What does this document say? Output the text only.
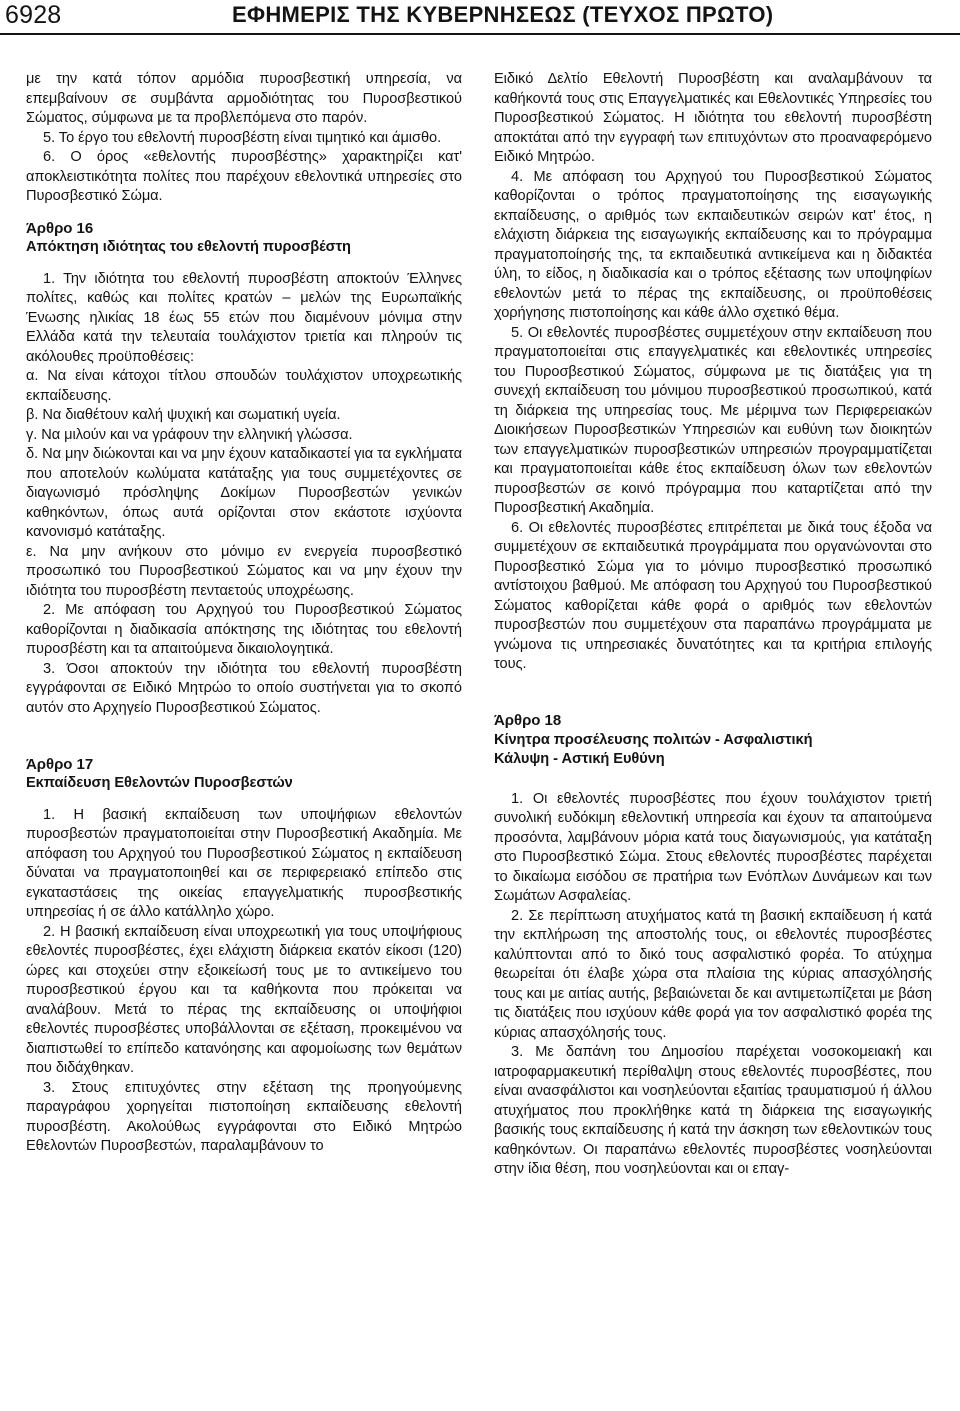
6928	ΕΦΗΜΕΡΙΣ ΤΗΣ ΚΥΒΕΡΝΗΣΕΩΣ (ΤΕΥΧΟΣ ΠΡΩΤΟ)

με την κατά τόπον αρμόδια πυροσβεστική υπηρεσία, να επεμβαίνουν σε συμβάντα αρμοδιότητας του Πυροσβεστικού Σώματος, σύμφωνα με τα προβλεπόμενα στο παρόν.

5. Το έργο του εθελοντή πυροσβέστη είναι τιμητικό και άμισθο.

6. Ο όρος «εθελοντής πυροσβέστης» χαρακτηρίζει κατ' αποκλειστικότητα πολίτες που παρέχουν εθελοντικά υπηρεσίες στο Πυροσβεστικό Σώμα.

Άρθρο 16

Απόκτηση ιδιότητας του εθελοντή πυροσβέστη

1. Την ιδιότητα του εθελοντή πυροσβέστη αποκτούν Έλληνες πολίτες, καθώς και πολίτες κρατών – μελών της Ευρωπαϊκής Ένωσης ηλικίας 18 έως 55 ετών που διαμένουν μόνιμα στην Ελλάδα κατά την τελευταία τουλάχιστον τριετία και πληρούν τις ακόλουθες προϋποθέσεις:

α. Να είναι κάτοχοι τίτλου σπουδών τουλάχιστον υποχρεωτικής εκπαίδευσης.

β. Να διαθέτουν καλή ψυχική και σωματική υγεία.

γ. Να μιλούν και να γράφουν την ελληνική γλώσσα.

δ. Να μην διώκονται και να μην έχουν καταδικαστεί για τα εγκλήματα που αποτελούν κωλύματα κατάταξης για τους συμμετέχοντες σε διαγωνισμό πρόσληψης Δοκίμων Πυροσβεστών γενικών καθηκόντων, όπως αυτά ορίζονται στον εκάστοτε ισχύοντα κανονισμό κατάταξης.

ε. Να μην ανήκουν στο μόνιμο εν ενεργεία πυροσβεστικό προσωπικό του Πυροσβεστικού Σώματος και να μην έχουν την ιδιότητα του πυροσβέστη πενταετούς υποχρέωσης.

2. Με απόφαση του Αρχηγού του Πυροσβεστικού Σώματος καθορίζονται η διαδικασία απόκτησης της ιδιότητας του εθελοντή πυροσβέστη και τα απαιτούμενα δικαιολογητικά.

3. Όσοι αποκτούν την ιδιότητα του εθελοντή πυροσβέστη εγγράφονται σε Ειδικό Μητρώο το οποίο συστήνεται για το σκοπό αυτόν στο Αρχηγείο Πυροσβεστικού Σώματος.

Άρθρο 17

Εκπαίδευση Εθελοντών Πυροσβεστών

1. Η βασική εκπαίδευση των υποψήφιων εθελοντών πυροσβεστών πραγματοποιείται στην Πυροσβεστική Ακαδημία. Με απόφαση του Αρχηγού του Πυροσβεστικού Σώματος η εκπαίδευση δύναται να πραγματοποιηθεί και σε περιφερειακό επίπεδο στις εγκαταστάσεις της οικείας επαγγελματικής πυροσβεστικής υπηρεσίας ή σε άλλο κατάλληλο χώρο.

2. Η βασική εκπαίδευση είναι υποχρεωτική για τους υποψήφιους εθελοντές πυροσβέστες, έχει ελάχιστη διάρκεια εκατόν είκοσι (120) ώρες και στοχεύει στην εξοικείωσή τους με το αντικείμενο του πυροσβεστικού έργου και τα καθήκοντα που πρόκειται να αναλάβουν. Μετά το πέρας της εκπαίδευσης οι υποψήφιοι εθελοντές πυροσβέστες υποβάλλονται σε εξέταση, προκειμένου να διαπιστωθεί το επίπεδο κατανόησης και αφομοίωσης των θεμάτων που διδάχθηκαν.

3. Στους επιτυχόντες στην εξέταση της προηγούμενης παραγράφου χορηγείται πιστοποίηση εκπαίδευσης εθελοντή πυροσβέστη. Ακολούθως εγγράφονται στο Ειδικό Μητρώο Εθελοντών Πυροσβεστών, παραλαμβάνουν το

Ειδικό Δελτίο Εθελοντή Πυροσβέστη και αναλαμβάνουν τα καθήκοντά τους στις Επαγγελματικές και Εθελοντικές Υπηρεσίες του Πυροσβεστικού Σώματος. Η ιδιότητα του εθελοντή πυροσβέστη αποκτάται από την εγγραφή των επιτυχόντων στο προαναφερόμενο Ειδικό Μητρώο.

4. Με απόφαση του Αρχηγού του Πυροσβεστικού Σώματος καθορίζονται ο τρόπος πραγματοποίησης της εισαγωγικής εκπαίδευσης, ο αριθμός των εκπαιδευτικών σειρών κατ' έτος, η ελάχιστη διάρκεια της εισαγωγικής εκπαίδευσης και το πρόγραμμα πραγματοποίησής της, τα εκπαιδευτικά αντικείμενα και η διδακτέα ύλη, το είδος, η διαδικασία και ο τρόπος εξέτασης των υποψηφίων εθελοντών μετά το πέρας της εκπαίδευσης, οι προϋποθέσεις χορήγησης πιστοποίησης και κάθε άλλο σχετικό θέμα.

5. Οι εθελοντές πυροσβέστες συμμετέχουν στην εκπαίδευση που πραγματοποιείται στις επαγγελματικές και εθελοντικές υπηρεσίες του Πυροσβεστικού Σώματος, σύμφωνα με τις διατάξεις για τη συνεχή εκπαίδευση του μόνιμου πυροσβεστικού προσωπικού, κατά τη διάρκεια της υπηρεσίας τους. Με μέριμνα των Περιφερειακών Διοικήσεων Πυροσβεστικών Υπηρεσιών και ευθύνη των διοικητών των επαγγελματικών πυροσβεστικών υπηρεσιών προγραμματίζεται και πραγματοποιείται κάθε έτος εκπαίδευση όλων των εθελοντών πυροσβεστών σε κοινό πρόγραμμα που καταρτίζεται από την Πυροσβεστική Ακαδημία.

6. Οι εθελοντές πυροσβέστες επιτρέπεται με δικά τους έξοδα να συμμετέχουν σε εκπαιδευτικά προγράμματα που οργανώνονται στο Πυροσβεστικό Σώμα για το μόνιμο πυροσβεστικό προσωπικό αντίστοιχου βαθμού. Με απόφαση του Αρχηγού του Πυροσβεστικού Σώματος καθορίζεται κάθε φορά ο αριθμός των εθελοντών πυροσβεστών που συμμετέχουν στα παραπάνω προγράμματα με γνώμονα τις υπηρεσιακές δυνατότητες και τα κριτήρια επιλογής τους.

Άρθρο 18

Κίνητρα προσέλευσης πολιτών - Ασφαλιστική

Κάλυψη - Αστική Ευθύνη

1. Οι εθελοντές πυροσβέστες που έχουν τουλάχιστον τριετή συνολική ευδόκιμη εθελοντική υπηρεσία και έχουν τα απαιτούμενα προσόντα, λαμβάνουν μόρια κατά τους διαγωνισμούς, για κατάταξη στο Πυροσβεστικό Σώμα. Στους εθελοντές πυροσβέστες παρέχεται το δικαίωμα εισόδου σε πρατήρια των Ενόπλων Δυνάμεων και των Σωμάτων Ασφαλείας.

2. Σε περίπτωση ατυχήματος κατά τη βασική εκπαίδευση ή κατά την εκπλήρωση της αποστολής τους, οι εθελοντές πυροσβέστες καλύπτονται από το δικό τους ασφαλιστικό φορέα. Το ατύχημα θεωρείται ότι έλαβε χώρα στα πλαίσια της κύριας απασχόλησής τους και με αιτίας αυτής, βεβαιώνεται δε και αντιμετωπίζεται με βάση τις διατάξεις που ισχύουν κάθε φορά για τον ασφαλιστικό φορέα της κύριας απασχόλησής τους.

3. Με δαπάνη του Δημοσίου παρέχεται νοσοκομειακή και ιατροφαρμακευτική περίθαλψη στους εθελοντές πυροσβέστες, που είναι ανασφάλιστοι και νοσηλεύονται εξαιτίας τραυματισμού ή άλλου ατυχήματος που προκλήθηκε κατά τη διάρκεια της εισαγωγικής βασικής τους εκπαίδευσης ή κατά την άσκηση των εθελοντικών τους καθηκόντων. Οι παραπάνω εθελοντές πυροσβέστες νοσηλεύονται στην ίδια θέση, που νοσηλεύονται και οι επαγ-
